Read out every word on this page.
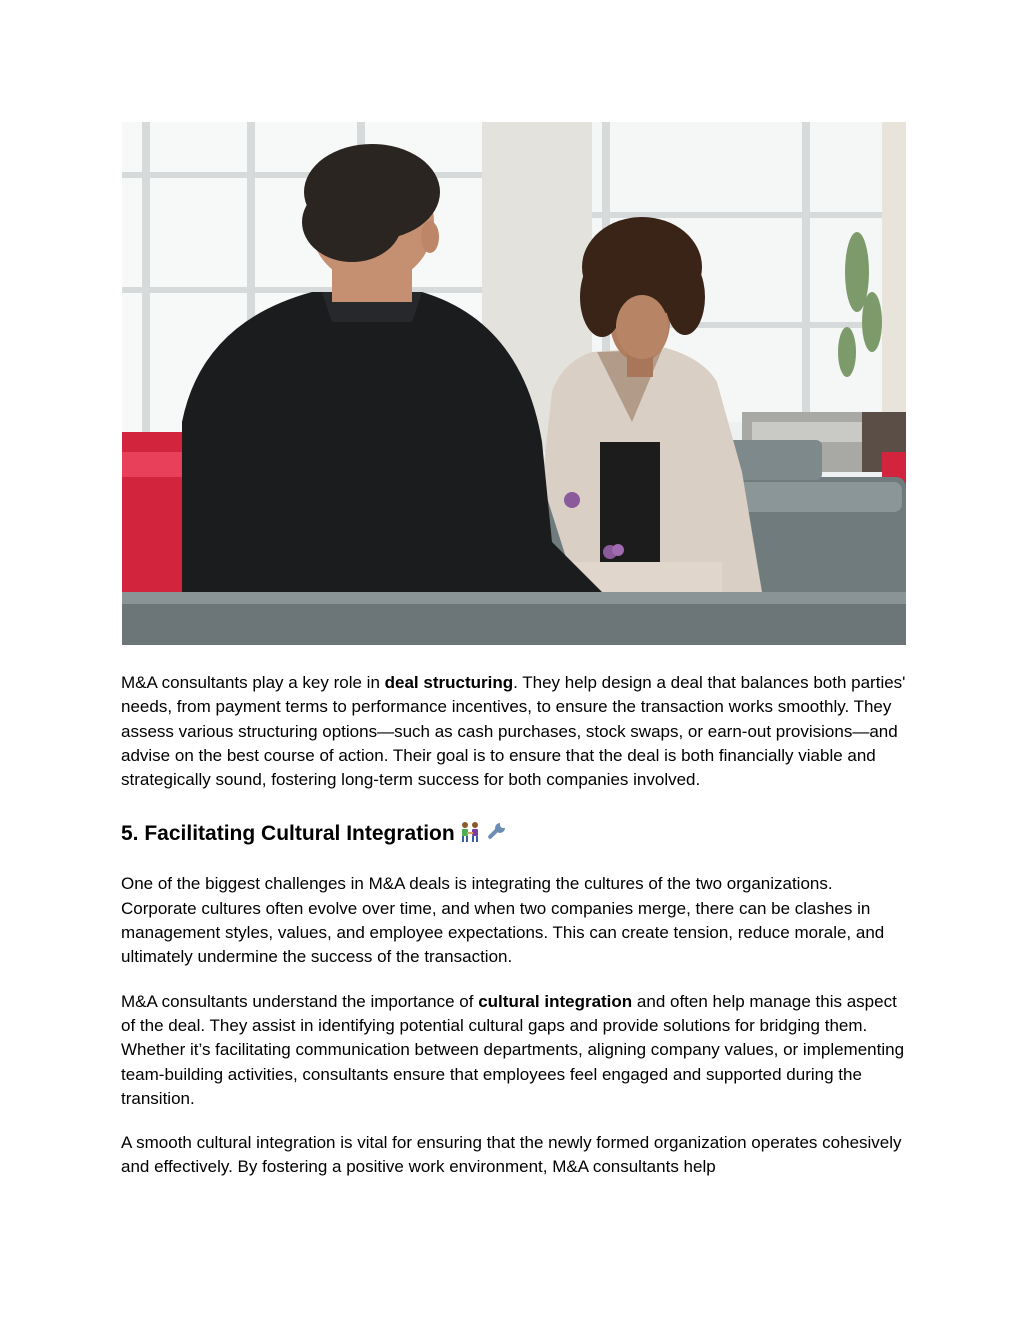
M&A consultants play a key role in deal structuring. They help design a deal that balances both parties' needs, from payment terms to performance incentives, to ensure the transaction works smoothly. They assess various structuring options—such as cash purchases, stock swaps, or earn-out provisions—and advise on the best course of action. Their goal is to ensure that the deal is both financially viable and strategically sound, fostering long-term success for both companies involved.

5. Facilitating Cultural Integration

One of the biggest challenges in M&A deals is integrating the cultures of the two organizations. Corporate cultures often evolve over time, and when two companies merge, there can be clashes in management styles, values, and employee expectations. This can create tension, reduce morale, and ultimately undermine the success of the transaction.

M&A consultants understand the importance of cultural integration and often help manage this aspect of the deal. They assist in identifying potential cultural gaps and provide solutions for bridging them. Whether it’s facilitating communication between departments, aligning company values, or implementing team-building activities, consultants ensure that employees feel engaged and supported during the transition.

A smooth cultural integration is vital for ensuring that the newly formed organization operates cohesively and effectively. By fostering a positive work environment, M&A consultants help
